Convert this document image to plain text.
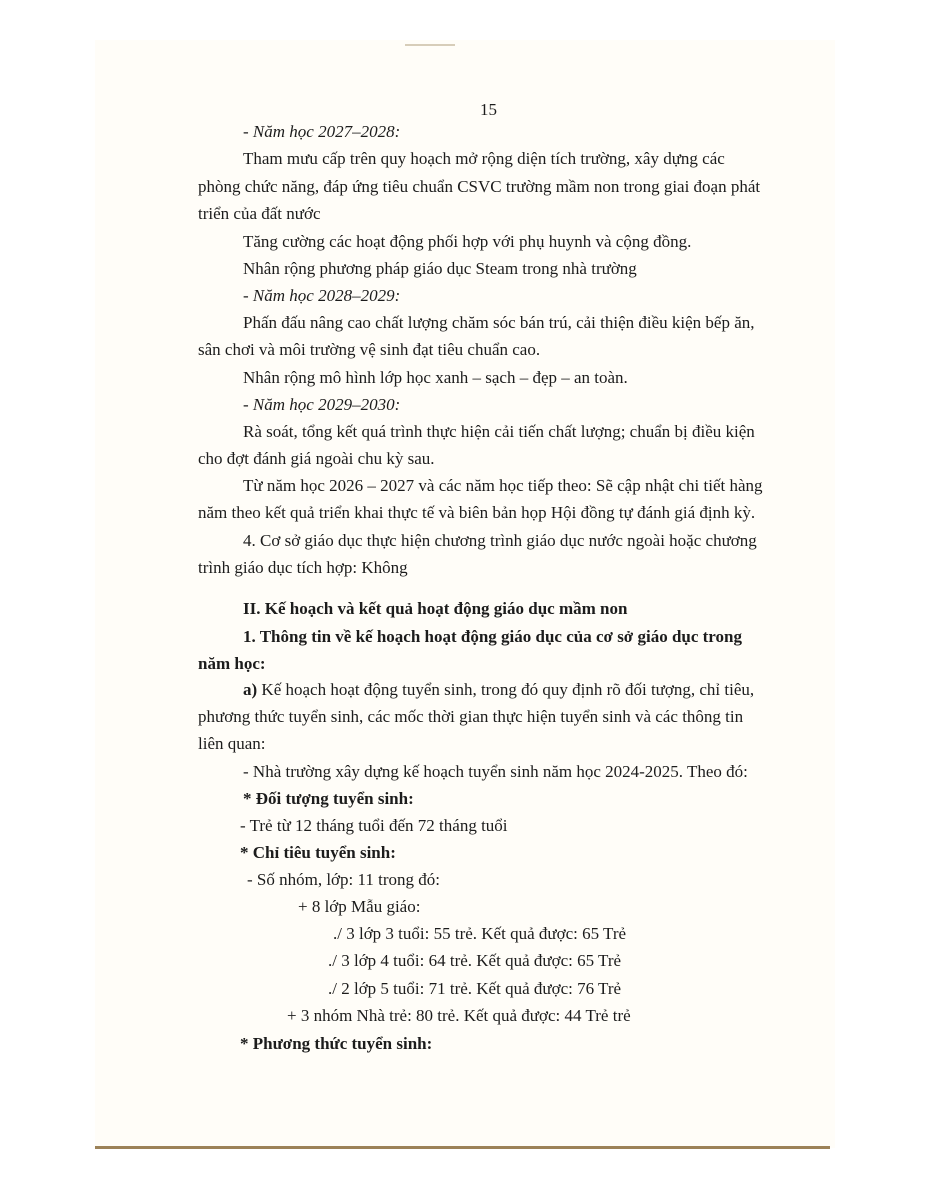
15
- Năm học 2027–2028:
Tham mưu cấp trên quy hoạch mở rộng diện tích trường, xây dựng các
phòng chức năng, đáp ứng tiêu chuẩn CSVC trường mầm non trong giai đoạn phát
triển của đất nước
Tăng cường các hoạt động phối hợp với phụ huynh và cộng đồng.
Nhân rộng phương pháp giáo dục Steam trong nhà trường
- Năm học 2028–2029:
Phấn đấu nâng cao chất lượng chăm sóc bán trú, cải thiện điều kiện bếp ăn,
sân chơi và môi trường vệ sinh đạt tiêu chuẩn cao.
Nhân rộng mô hình lớp học xanh – sạch – đẹp – an toàn.
- Năm học 2029–2030:
Rà soát, tổng kết quá trình thực hiện cải tiến chất lượng; chuẩn bị điều kiện
cho đợt đánh giá ngoài chu kỳ sau.
Từ năm học 2026 – 2027 và các năm học tiếp theo: Sẽ cập nhật chi tiết hàng
năm theo kết quả triển khai thực tế và biên bản họp Hội đồng tự đánh giá định kỳ.
4. Cơ sở giáo dục thực hiện chương trình giáo dục nước ngoài hoặc chương
trình giáo dục tích hợp: Không
II. Kế hoạch và kết quả hoạt động giáo dục mầm non
1. Thông tin về kế hoạch hoạt động giáo dục của cơ sở giáo dục trong
năm học:
phương thức tuyển sinh, các mốc thời gian thực hiện tuyển sinh và các thông tin
liên quan:
- Nhà trường xây dựng kế hoạch tuyển sinh năm học 2024-2025. Theo đó:
* Đối tượng tuyển sinh:
- Trẻ từ 12 tháng tuổi đến 72 tháng tuổi
* Chỉ tiêu tuyển sinh:
- Số nhóm, lớp: 11 trong đó:
+ 8 lớp Mẫu giáo:
./ 3 lớp 3 tuổi: 55 trẻ. Kết quả được: 65 Trẻ
./ 3 lớp 4 tuổi: 64 trẻ. Kết quả được: 65 Trẻ
./ 2 lớp 5 tuổi: 71 trẻ. Kết quả được: 76 Trẻ
+ 3 nhóm Nhà trẻ: 80 trẻ. Kết quả được: 44 Trẻ trẻ
* Phương thức tuyển sinh:
a) Kế hoạch hoạt động tuyển sinh, trong đó quy định rõ đối tượng, chỉ tiêu,
